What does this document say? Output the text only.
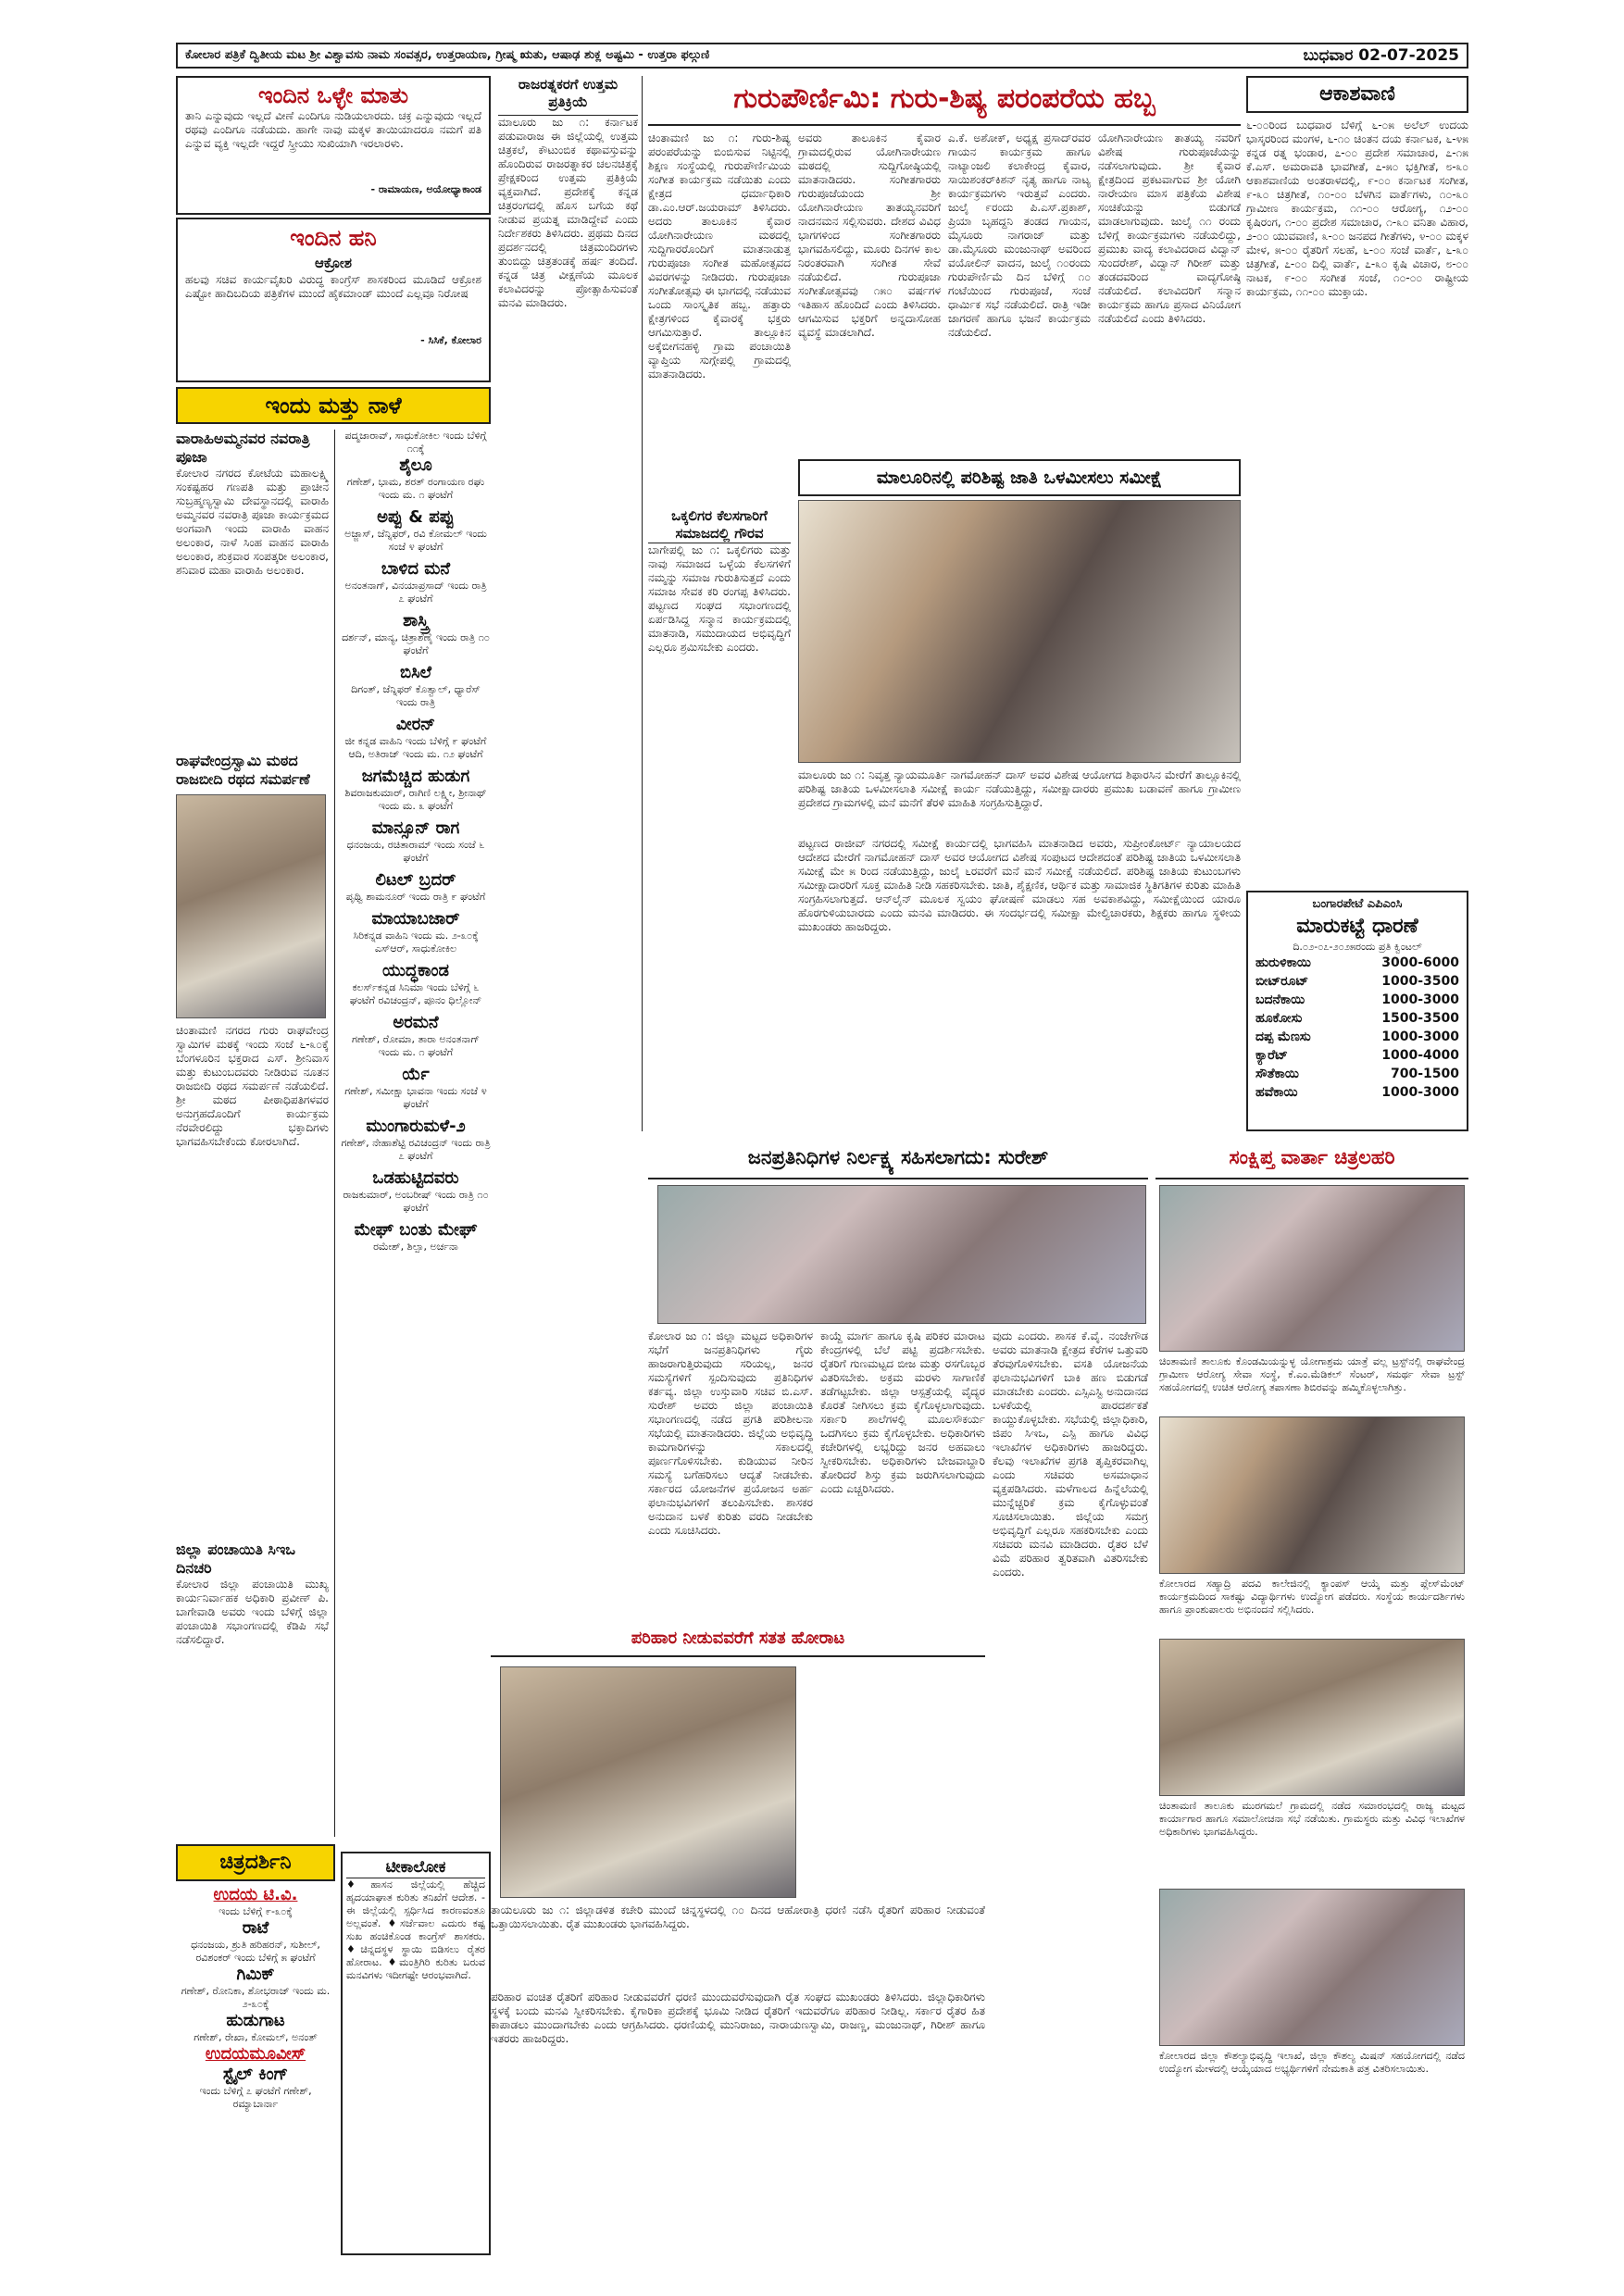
ಕೋಲಾರ ಪತ್ರಿಕೆ ದ್ವಿತೀಯ ಮಟ ಶ್ರೀ ವಿಶ್ವಾವಸು ನಾಮ ಸಂವತ್ಸರ, ಉತ್ತರಾಯಣ, ಗ್ರೀಷ್ಮ ಋತು, ಆಷಾಢ ಶುಕ್ಲ ಅಷ್ಟಮಿ - ಉತ್ತರಾ ಫಲ್ಗುಣಿ	ಬುಧವಾರ 02-07-2025
ಇಂದಿನ ಒಳ್ಳೇ ಮಾತು
ತಾನಿ ಎನ್ನುವುದು ಇಲ್ಲದೆ ವೀಣೆ ಎಂದಿಗೂ ನುಡಿಯಲಾರದು. ಚಕ್ರ ಎನ್ನುವುದು ಇಲ್ಲದೆ ರಥವು ಎಂದಿಗೂ ನಡೆಯದು. ಹಾಗೇ ನಾವು ಮಕ್ಕಳ ತಾಯಿಯಾದರೂ ನಮಗೆ ಪತಿ ಎನ್ನುವ ವ್ಯಕ್ತಿ ಇಲ್ಲದೇ ಇದ್ದರೆ ಸ್ತ್ರೀಯು ಸುಖಿಯಾಗಿ ಇರಲಾರಳು.
- ರಾಮಾಯಣ, ಅಯೋಧ್ಯಾಕಾಂಡ
ಇಂದಿನ ಹನಿ
ಆಕ್ರೋಶ
ಹಲವು ಸಚಿವ ಕಾರ್ಯವೈಖರಿ ವಿರುದ್ಧ ಕಾಂಗ್ರೆಸ್ ಶಾಸಕರಿಂದ ಮೂಡಿದೆ ಆಕ್ರೋಶ ಎಷ್ಟೋ ಹಾದಿಬದಿಯ ಪತ್ರಿಕೆಗಳ ಮುಂದೆ ಹೈಕಮಾಂಡ್ ಮುಂದೆ ಎಲ್ಲವೂ ನಿರೋಷ
- ಸಿಸಿಕೆ, ಕೋಲಾರ
ಇಂದು ಮತ್ತು ನಾಳೆ
ವಾರಾಹಿಅಮ್ಮನವರ ನವರಾತ್ರಿ ಪೂಜಾ
ಕೋಲಾರ ನಗರದ ಕೋಟೆಯ ಮಹಾಲಕ್ಷ್ಮಿ ಸಂಕಷ್ಟಹರ ಗಣಪತಿ ಮತ್ತು ಪ್ರಾಚೀನ ಸುಬ್ರಹ್ಮಣ್ಯಸ್ವಾಮಿ ದೇವಸ್ಥಾನದಲ್ಲಿ ವಾರಾಹಿ ಅಮ್ಮನವರ ನವರಾತ್ರಿ ಪೂಜಾ ಕಾರ್ಯಕ್ರಮದ ಅಂಗವಾಗಿ ಇಂದು ವಾರಾಹಿ ವಾಹನ ಅಲಂಕಾರ, ನಾಳೆ ಸಿಂಹ ವಾಹನ ವಾರಾಹಿ ಅಲಂಕಾರ, ಶುಕ್ರವಾರ ಸಂಪತ್ಕರೀ ಅಲಂಕಾರ, ಶನಿವಾರ ಮಹಾ ವಾರಾಹಿ ಅಲಂಕಾರ.
ರಾಘವೇಂದ್ರಸ್ವಾಮಿ ಮಠದ ರಾಜಬೀದಿ ರಥದ ಸಮರ್ಪಣೆ
ಚಿಂತಾಮಣಿ ನಗರದ ಗುರು ರಾಘವೇಂದ್ರ ಸ್ವಾಮಿಗಳ ಮಠಕ್ಕೆ ಇಂದು ಸಂಜೆ ೬-೩೦ಕ್ಕೆ ಬೆಂಗಳೂರಿನ ಭಕ್ತರಾದ ಎಸ್. ಶ್ರೀನಿವಾಸ ಮತ್ತು ಕುಟುಂಬದವರು ನೀಡಿರುವ ನೂತನ ರಾಜಬೀದಿ ರಥದ ಸಮರ್ಪಣೆ ನಡೆಯಲಿದೆ. ಶ್ರೀ ಮಠದ ಪೀಠಾಧಿಪತಿಗಳವರ ಅನುಗ್ರಹದೊಂದಿಗೆ ಕಾರ್ಯಕ್ರಮ ನೆರವೇರಲಿದ್ದು ಭಕ್ತಾದಿಗಳು ಭಾಗವಹಿಸಬೇಕೆಂದು ಕೋರಲಾಗಿದೆ.
ಜಿಲ್ಲಾ ಪಂಚಾಯಿತಿ ಸಿಇಒ ದಿನಚರಿ
ಕೋಲಾರ ಜಿಲ್ಲಾ ಪಂಚಾಯಿತಿ ಮುಖ್ಯ ಕಾರ್ಯನಿರ್ವಾಹಕ ಅಧಿಕಾರಿ ಪ್ರವೀಣ್ ಪಿ. ಬಾಗೇವಾಡಿ ಅವರು ಇಂದು ಬೆಳಿಗ್ಗೆ ಜಿಲ್ಲಾ ಪಂಚಾಯಿತಿ ಸಭಾಂಗಣದಲ್ಲಿ ಕೆಡಿಪಿ ಸಭೆ ನಡೆಸಲಿದ್ದಾರೆ.
ಪದ್ಮಜಾರಾವ್, ಸಾಧುಕೋಕಿಲ ಇಂದು ಬೆಳಿಗ್ಗೆ ೧೧ಕ್ಕೆ
ಶೈಲೂ
ಗಣೇಶ್, ಭಾಮ, ಶರತ್ ರಂಗಾಯಣ ರಘು ಇಂದು ಮ. ೧ ಘಂಟೆಗೆ
ಅಪ್ಪು & ಪಪ್ಪು
ಅಜ್ಜಾಸ್, ಜೆನ್ನಿಫರ್, ರವಿ ಕೋಮಲ್ ಇಂದು ಸಂಜೆ ೪ ಘಂಟೆಗೆ
ಬಾಳಿದ ಮನೆ
ಅನಂತನಾಗ್, ವಿನಯಾಪ್ರಸಾದ್ ಇಂದು ರಾತ್ರಿ ೭ ಘಂಟೆಗೆ
ಶಾಸ್ತ್ರಿ
ದರ್ಶನ್, ಮಾನ್ಯ, ಚಿತ್ರಾಶೆಣೈ ಇಂದು ರಾತ್ರಿ ೧೦ ಘಂಟೆಗೆ
ಬಿಸಿಲೆ
ದಿಗಂತ್, ಜೆನ್ನಿಫರ್ ಕೊತ್ವಾಲ್, ಧ್ಯಾರೆಸ್ ಇಂದು ರಾತ್ರಿ
ವೀರನ್
ಜೀ ಕನ್ನಡ ವಾಹಿನಿ ಇಂದು ಬೆಳಿಗ್ಗೆ ೯ ಘಂಟೆಗೆ ಆದಿ, ಅತಿರಾಜ್ ಇಂದು ಮ. ೧೨ ಘಂಟೆಗೆ
ಜಗಮೆಚ್ಚಿದ ಹುಡುಗ
ಶಿವರಾಜಕುಮಾರ್, ರಾಗಿಣಿ ಲಕ್ಷ್ಮೀ, ಶ್ರೀನಾಥ್ ಇಂದು ಮ. ೩ ಘಂಟೆಗೆ
ಮಾನ್ಸೂನ್ ರಾಗ
ಧನಂಜಯ, ರಚಿತಾರಾಮ್ ಇಂದು ಸಂಜೆ ೬ ಘಂಟೆಗೆ
ಲಿಟಲ್ ಬ್ರದರ್
ಪೃಥ್ವಿ ಶಾಮನೂರ್ ಇಂದು ರಾತ್ರಿ ೯ ಘಂಟೆಗೆ
ಮಾಯಾಬಜಾರ್
ಸಿರಿಕನ್ನಡ ವಾಹಿನಿ ಇಂದು ಮ. ೨-೩೦ಕ್ಕೆ ಎಸ್‌ಆರ್, ಸಾಧುಕೋಕಿಲ
ಯುದ್ಧಕಾಂಡ
ಕಲರ್ಸ್‌ಕನ್ನಡ ಸಿನಿಮಾ ಇಂದು ಬೆಳಿಗ್ಗೆ ೬ ಘಂಟೆಗೆ ರವಿಚಂದ್ರನ್, ಪೂನಂ ಧಿಲ್ಲೋನ್
ಅರಮನೆ
ಗಣೇಶ್, ರೋಮಾ, ತಾರಾ ಅನಂತನಾಗ್ ಇಂದು ಮ. ೧ ಘಂಟೆಗೆ
ರ್ಯೆ
ಗಣೇಶ್, ಸಮೀಕ್ಷಾ ಭಾವನಾ ಇಂದು ಸಂಜೆ ೪ ಘಂಟೆಗೆ
ಮುಂಗಾರುಮಳೆ-೨
ಗಣೇಶ್, ನೇಹಾಶೆಟ್ಟಿ ರವಿಚಂದ್ರನ್ ಇಂದು ರಾತ್ರಿ ೭ ಘಂಟೆಗೆ
ಒಡಹುಟ್ಟಿದವರು
ರಾಜಕುಮಾರ್, ಅಂಬರೀಷ್ ಇಂದು ರಾತ್ರಿ ೧೦ ಘಂಟೆಗೆ
ಮೇಘ್ ಬಂತು ಮೇಘ್
ರಮೇಶ್, ಶಿಲ್ಪಾ, ಅರ್ಚನಾ
ಚಿತ್ರದರ್ಶಿನಿ
ಉದಯ ಟಿ.ವಿ.
ಇಂದು ಬೆಳಿಗ್ಗೆ ೯-೩೦ಕ್ಕೆ
ರಾಟೆ
ಧನಂಜಯ, ಶ್ರುತಿ ಹರಿಹರನ್, ಸುಶೀಲ್, ರವಿಶಂಕರ್ ಇಂದು ಬೆಳಿಗ್ಗೆ ೫ ಘಂಟೆಗೆ
ಗಿಮಿಕ್
ಗಣೇಶ್, ರೋನಿಕಾ, ಶೋಭರಾಜ್ ಇಂದು ಮ. ೨-೩೦ಕ್ಕೆ
ಹುಡುಗಾಟ
ಗಣೇಶ್, ರೇಖಾ, ಕೋಮಲ್, ಅನಂತ್
ಉದಯಮೂವೀಸ್
ಸ್ಟೈಲ್ ಕಿಂಗ್
ಇಂದು ಬೆಳಿಗ್ಗೆ ೭ ಘಂಟೆಗೆ ಗಣೇಶ್, ರಮ್ಯಾಬಾರ್ನಾ
ಟೀಕಾಲೋಕ
♦ಹಾಸನ ಜಿಲ್ಲೆಯಲ್ಲಿ ಹೆಚ್ಚಿದ ಹೃದಯಾಘಾತ ಕುರಿತು ತನಿಖೆಗೆ ಆದೇಶ. - ಈ ಜಿಲ್ಲೆಯಲ್ಲಿ ಸ್ಪರ್ಧಿಸಿದ ಕಾರಣವಂತೂ ಅಲ್ಲವಂತೆ. ♦ಸರ್ಜೆವಾಲ ಎದುರು ಕಷ್ಟ ಸುಖ ಹಂಚಿಕೊಂಡ ಕಾಂಗ್ರೆಸ್ ಶಾಸಕರು. ♦ಚಿನ್ನದಸ್ಥಳ ಸ್ಥಾಯಿ ಬಿಡಿಸಲು ರೈತರ ಹೋರಾಟ. ♦ಮಂತ್ರಿಗಿರಿ ಕುರಿತು ಬರುವ ಮನವಿಗಳು ಇದೀಗಷ್ಟೇ ಆರಂಭವಾಗಿದೆ.
ಗುರುಪೌರ್ಣಿಮಿ: ಗುರು-ಶಿಷ್ಯ ಪರಂಪರೆಯ ಹಬ್ಬ
ರಾಜರತ್ನಕರಗೆ ಉತ್ತಮ ಪ್ರತಿಕ್ರಿಯೆ
ಮಾಲೂರು ಜು ೧: ಕರ್ನಾಟಕ ಪಡುವಾರಾಜ ಈ ಜಿಲ್ಲೆಯಲ್ಲಿ ಉತ್ತಮ ಚಿತ್ರಕಲೆ, ಕೌಟುಂಬಿಕ ಕಥಾವಸ್ತುವನ್ನು ಹೊಂದಿರುವ ರಾಜರತ್ನಾಕರ ಚಲನಚಿತ್ರಕ್ಕೆ ಪ್ರೇಕ್ಷಕರಿಂದ ಉತ್ತಮ ಪ್ರತಿಕ್ರಿಯೆ ವ್ಯಕ್ತವಾಗಿದೆ. ಪ್ರದೇಶಕ್ಕೆ ಕನ್ನಡ ಚಿತ್ರರಂಗದಲ್ಲಿ ಹೊಸ ಬಗೆಯ ಕಥೆ ನೀಡುವ ಪ್ರಯತ್ನ ಮಾಡಿದ್ದೇವೆ ಎಂದು ನಿರ್ದೇಶಕರು ತಿಳಿಸಿದರು. ಪ್ರಥಮ ದಿನದ ಪ್ರದರ್ಶನದಲ್ಲಿ ಚಿತ್ರಮಂದಿರಗಳು ತುಂಬಿದ್ದು ಚಿತ್ರತಂಡಕ್ಕೆ ಹರ್ಷ ತಂದಿದೆ. ಕನ್ನಡ ಚಿತ್ರ ವೀಕ್ಷಣೆಯ ಮೂಲಕ ಕಲಾವಿದರನ್ನು ಪ್ರೋತ್ಸಾಹಿಸುವಂತೆ ಮನವಿ ಮಾಡಿದರು.
ಚಿಂತಾಮಣಿ ಜು ೧: ಗುರು-ಶಿಷ್ಯ ಪರಂಪರೆಯನ್ನು ಬಿಂಬಿಸುವ ನಿಟ್ಟಿನಲ್ಲಿ ಶಿಕ್ಷಣ ಸಂಸ್ಥೆಯಲ್ಲಿ ಗುರುಪೌರ್ಣಿಮಿಯ ಸಂಗೀತ ಕಾರ್ಯಕ್ರಮ ನಡೆಯಿತು ಎಂದು ಕ್ಷೇತ್ರದ ಧರ್ಮಾಧಿಕಾರಿ ಡಾ.ಎಂ.ಆರ್.ಜಯರಾಮ್ ತಿಳಿಸಿದರು. ಅದರು ತಾಲೂಕಿನ ಕೈವಾರ ಯೋಗಿನಾರೇಯಣ ಮಠದಲ್ಲಿ ಸುದ್ದಿಗಾರರೊಂದಿಗೆ ಮಾತನಾಡುತ್ತ ಗುರುಪೂಜಾ ಸಂಗೀತ ಮಹೋತ್ಸವದ ವಿವರಗಳನ್ನು ನೀಡಿದರು. ಗುರುಪೂಜಾ ಸಂಗೀತೋತ್ಸವು ಈ ಭಾಗದಲ್ಲಿ ನಡೆಯುವ ಒಂದು ಸಾಂಸ್ಕೃತಿಕ ಹಬ್ಬ. ಹತ್ತಾರು ಕ್ಷೇತ್ರಗಳಿಂದ ಕೈವಾರಕ್ಕೆ ಭಕ್ತರು ಆಗಮಿಸುತ್ತಾರೆ. ತಾಲ್ಲೂಕಿನ ಅಕ್ಕೆಬೀಗನಹಳ್ಳಿ ಗ್ರಾಮ ಪಂಚಾಯಿತಿ ವ್ಯಾಪ್ತಿಯ ಸುಗ್ಗೇಪಲ್ಲಿ ಗ್ರಾಮದಲ್ಲಿ ಮಾತನಾಡಿದರು.
ಅವರು ತಾಲೂಕಿನ ಕೈವಾರ ಗ್ರಾಮದಲ್ಲಿರುವ ಯೋಗಿನಾರೇಯಣ ಮಠದಲ್ಲಿ ಸುದ್ದಿಗೋಷ್ಠಿಯಲ್ಲಿ ಮಾತನಾಡಿದರು. ಸಂಗೀತಗಾರರು ಗುರುಪೂಜೆಯಂದು ಶ್ರೀ ಯೋಗಿನಾರೇಯಣ ತಾತಯ್ಯನವರಿಗೆ ನಾದನಮನ ಸಲ್ಲಿಸುವರು. ದೇಶದ ವಿವಿಧ ಭಾಗಗಳಿಂದ ಸಂಗೀತಗಾರರು ಭಾಗವಹಿಸಲಿದ್ದು, ಮೂರು ದಿನಗಳ ಕಾಲ ನಿರಂತರವಾಗಿ ಸಂಗೀತ ಸೇವೆ ನಡೆಯಲಿದೆ. ಗುರುಪೂಜಾ ಸಂಗೀತೋತ್ಸವವು ೧೫೦ ವರ್ಷಗಳ ಇತಿಹಾಸ ಹೊಂದಿದೆ ಎಂದು ತಿಳಿಸಿದರು. ಆಗಮಿಸುವ ಭಕ್ತರಿಗೆ ಅನ್ನದಾಸೋಹ ವ್ಯವಸ್ಥೆ ಮಾಡಲಾಗಿದೆ.
ಎ.ಕೆ. ಅಶೋಕ್, ಅಧ್ಯಕ್ಷ ಪ್ರಸಾದ್‌ರವರ ಗಾಯನ ಕಾರ್ಯಕ್ರಮ ಹಾಗೂ ನಾಟ್ಯಾಂಜಲಿ ಕಲಾಕೇಂದ್ರ ಕೈವಾರ, ಸಾಯಿಶಂಕರ್‌ಕಿಶನ್ ನೃತ್ಯ ಹಾಗೂ ನಾಟ್ಯ ಕಾರ್ಯಕ್ರಮಗಳು ಇರುತ್ತವೆ ಎಂದರು. ಜುಲೈ ೯ರಂದು ಪಿ.ಎಸ್.ಪ್ರಕಾಶ್, ಪ್ರಿಯಾ ಬೃಹದ್ದನಿ ತಂಡದ ಗಾಯನ, ಮೈಸೂರು ನಾಗರಾಜ್ ಮತ್ತು ಡಾ.ಮೈಸೂರು ಮಂಜುನಾಥ್ ಅವರಿಂದ ವಯೋಲಿನ್ ವಾದನ, ಜುಲೈ ೧೦ರಂದು ಗುರುಪೌರ್ಣಿಮೆ ದಿನ ಬೆಳಿಗ್ಗೆ ೧೦ ಗಂಟೆಯಿಂದ ಗುರುಪೂಜೆ, ಸಂಜೆ ಧಾರ್ಮಿಕ ಸಭೆ ನಡೆಯಲಿದೆ. ರಾತ್ರಿ ಇಡೀ ಜಾಗರಣೆ ಹಾಗೂ ಭಜನೆ ಕಾರ್ಯಕ್ರಮ ನಡೆಯಲಿದೆ.
ಯೋಗಿನಾರೇಯಣ ತಾತಯ್ಯ ನವರಿಗೆ ವಿಶೇಷ ಗುರುಪೂಜೆಯನ್ನು ನಡೆಸಲಾಗುವುದು. ಶ್ರೀ ಕೈವಾರ ಕ್ಷೇತ್ರದಿಂದ ಪ್ರಕಟವಾಗುವ ಶ್ರೀ ಯೋಗಿ ನಾರೇಯಣ ಮಾಸ ಪತ್ರಿಕೆಯ ವಿಶೇಷ ಸಂಚಿಕೆಯನ್ನು ಬಿಡುಗಡೆ ಮಾಡಲಾಗುವುದು. ಜುಲೈ ೧೧ ರಂದು ಬೆಳಿಗ್ಗೆ ಕಾರ್ಯಕ್ರಮಗಳು ನಡೆಯಲಿದ್ದು, ಪ್ರಮುಖ ವಾದ್ಯ ಕಲಾವಿದರಾದ ವಿದ್ವಾನ್ ಸುಂದರೇಶ್, ವಿದ್ವಾನ್ ಗಿರೀಶ್ ಮತ್ತು ತಂಡದವರಿಂದ ವಾದ್ಯಗೋಷ್ಠಿ ನಡೆಯಲಿದೆ. ಕಲಾವಿದರಿಗೆ ಸನ್ಮಾನ ಕಾರ್ಯಕ್ರಮ ಹಾಗೂ ಪ್ರಸಾದ ವಿನಿಯೋಗ ನಡೆಯಲಿದೆ ಎಂದು ತಿಳಿಸಿದರು.
ಒಕ್ಕಲಿಗರ ಕೆಲಸಗಾರಿಗೆ ಸಮಾಜದಲ್ಲಿ ಗೌರವ
ಬಾಗೇಪಲ್ಲಿ ಜು ೧: ಒಕ್ಕಲಿಗರು ಮತ್ತು ನಾವು ಸಮಾಜದ ಒಳ್ಳೆಯ ಕೆಲಸಗಳಿಗೆ ನಮ್ಮನ್ನು ಸಮಾಜ ಗುರುತಿಸುತ್ತದೆ ಎಂದು ಸಮಾಜ ಸೇವಕ ಕರಿ ರಂಗಪ್ಪ ತಿಳಿಸಿದರು. ಪಟ್ಟಣದ ಸಂಘದ ಸಭಾಂಗಣದಲ್ಲಿ ಏರ್ಪಡಿಸಿದ್ದ ಸನ್ಮಾನ ಕಾರ್ಯಕ್ರಮದಲ್ಲಿ ಮಾತನಾಡಿ, ಸಮುದಾಯದ ಅಭಿವೃದ್ಧಿಗೆ ಎಲ್ಲರೂ ಶ್ರಮಿಸಬೇಕು ಎಂದರು.
ಮಾಲೂರಿನಲ್ಲಿ ಪರಿಶಿಷ್ಟ ಜಾತಿ ಒಳಮೀಸಲು ಸಮೀಕ್ಷೆ
ಮಾಲೂರು ಜು ೧: ನಿವೃತ್ತ ನ್ಯಾಯಮೂರ್ತಿ ನಾಗಮೋಹನ್ ದಾಸ್ ಅವರ ವಿಶೇಷ ಆಯೋಗದ ಶಿಫಾರಸಿನ ಮೇರೆಗೆ ತಾಲ್ಲೂಕಿನಲ್ಲಿ ಪರಿಶಿಷ್ಟ ಜಾತಿಯ ಒಳಮೀಸಲಾತಿ ಸಮೀಕ್ಷೆ ಕಾರ್ಯ ನಡೆಯುತ್ತಿದ್ದು, ಸಮೀಕ್ಷಾದಾರರು ಪ್ರಮುಖ ಬಡಾವಣೆ ಹಾಗೂ ಗ್ರಾಮೀಣ ಪ್ರದೇಶದ ಗ್ರಾಮಗಳಲ್ಲಿ ಮನೆ ಮನೆಗೆ ತೆರಳಿ ಮಾಹಿತಿ ಸಂಗ್ರಹಿಸುತ್ತಿದ್ದಾರೆ.
ಪಟ್ಟಣದ ರಾಜೀವ್ ನಗರದಲ್ಲಿ ಸಮೀಕ್ಷೆ ಕಾರ್ಯದಲ್ಲಿ ಭಾಗವಹಿಸಿ ಮಾತನಾಡಿದ ಅವರು, ಸುಪ್ರೀಂಕೋರ್ಟ್ ನ್ಯಾಯಾಲಯದ ಆದೇಶದ ಮೇರೆಗೆ ನಾಗಮೋಹನ್ ದಾಸ್ ಅವರ ಆಯೋಗದ ವಿಶೇಷ ಸಂಪುಟದ ಆದೇಶದಂತೆ ಪರಿಶಿಷ್ಟ ಜಾತಿಯ ಒಳಮೀಸಲಾತಿ ಸಮೀಕ್ಷೆ ಮೇ ೫ ರಿಂದ ನಡೆಯುತ್ತಿದ್ದು, ಜುಲೈ ೬ರವರೆಗೆ ಮನೆ ಮನೆ ಸಮೀಕ್ಷೆ ನಡೆಯಲಿದೆ. ಪರಿಶಿಷ್ಟ ಜಾತಿಯ ಕುಟುಂಬಗಳು ಸಮೀಕ್ಷಾದಾರರಿಗೆ ಸೂಕ್ತ ಮಾಹಿತಿ ನೀಡಿ ಸಹಕರಿಸಬೇಕು. ಜಾತಿ, ಶೈಕ್ಷಣಿಕ, ಆರ್ಥಿಕ ಮತ್ತು ಸಾಮಾಜಿಕ ಸ್ಥಿತಿಗತಿಗಳ ಕುರಿತು ಮಾಹಿತಿ ಸಂಗ್ರಹಿಸಲಾಗುತ್ತದೆ. ಆನ್‌ಲೈನ್ ಮೂಲಕ ಸ್ವಯಂ ಘೋಷಣೆ ಮಾಡಲು ಸಹ ಅವಕಾಶವಿದ್ದು, ಸಮೀಕ್ಷೆಯಿಂದ ಯಾರೂ ಹೊರಗುಳಿಯಬಾರದು ಎಂದು ಮನವಿ ಮಾಡಿದರು. ಈ ಸಂದರ್ಭದಲ್ಲಿ ಸಮೀಕ್ಷಾ ಮೇಲ್ವಿಚಾರಕರು, ಶಿಕ್ಷಕರು ಹಾಗೂ ಸ್ಥಳೀಯ ಮುಖಂಡರು ಹಾಜರಿದ್ದರು.
ಜನಪ್ರತಿನಿಧಿಗಳ ನಿರ್ಲಕ್ಷ್ಯ ಸಹಿಸಲಾಗದು: ಸುರೇಶ್
ಕೋಲಾರ ಜು ೧: ಜಿಲ್ಲಾ ಮಟ್ಟದ ಅಧಿಕಾರಿಗಳ ಸಭೆಗೆ ಜನಪ್ರತಿನಿಧಿಗಳು ಗೈರು ಹಾಜರಾಗುತ್ತಿರುವುದು ಸರಿಯಲ್ಲ, ಜನರ ಸಮಸ್ಯೆಗಳಿಗೆ ಸ್ಪಂದಿಸುವುದು ಪ್ರತಿನಿಧಿಗಳ ಕರ್ತವ್ಯ. ಜಿಲ್ಲಾ ಉಸ್ತುವಾರಿ ಸಚಿವ ಬಿ.ಎಸ್. ಸುರೇಶ್ ಅವರು ಜಿಲ್ಲಾ ಪಂಚಾಯಿತಿ ಸಭಾಂಗಣದಲ್ಲಿ ನಡೆದ ಪ್ರಗತಿ ಪರಿಶೀಲನಾ ಸಭೆಯಲ್ಲಿ ಮಾತನಾಡಿದರು. ಜಿಲ್ಲೆಯ ಅಭಿವೃದ್ಧಿ ಕಾಮಗಾರಿಗಳನ್ನು ಸಕಾಲದಲ್ಲಿ ಪೂರ್ಣಗೊಳಿಸಬೇಕು. ಕುಡಿಯುವ ನೀರಿನ ಸಮಸ್ಯೆ ಬಗೆಹರಿಸಲು ಆದ್ಯತೆ ನೀಡಬೇಕು. ಸರ್ಕಾರದ ಯೋಜನೆಗಳ ಪ್ರಯೋಜನ ಅರ್ಹ ಫಲಾನುಭವಿಗಳಿಗೆ ತಲುಪಿಸಬೇಕು. ಶಾಸಕರ ಅನುದಾನ ಬಳಕೆ ಕುರಿತು ವರದಿ ನೀಡಬೇಕು ಎಂದು ಸೂಚಿಸಿದರು.
ಕಾಯ್ದೆ ಮಾರ್ಗ ಹಾಗೂ ಕೃಷಿ ಪರಿಕರ ಮಾರಾಟ ಕೇಂದ್ರಗಳಲ್ಲಿ ಬೆಲೆ ಪಟ್ಟಿ ಪ್ರದರ್ಶಿಸಬೇಕು. ರೈತರಿಗೆ ಗುಣಮಟ್ಟದ ಬೀಜ ಮತ್ತು ರಸಗೊಬ್ಬರ ವಿತರಿಸಬೇಕು. ಅಕ್ರಮ ಮರಳು ಸಾಗಾಣಿಕೆ ತಡೆಗಟ್ಟಬೇಕು. ಜಿಲ್ಲಾ ಆಸ್ಪತ್ರೆಯಲ್ಲಿ ವೈದ್ಯರ ಕೊರತೆ ನೀಗಿಸಲು ಕ್ರಮ ಕೈಗೊಳ್ಳಲಾಗುವುದು. ಸರ್ಕಾರಿ ಶಾಲೆಗಳಲ್ಲಿ ಮೂಲಸೌಕರ್ಯ ಒದಗಿಸಲು ಕ್ರಮ ಕೈಗೊಳ್ಳಬೇಕು. ಅಧಿಕಾರಿಗಳು ಕಚೇರಿಗಳಲ್ಲಿ ಲಭ್ಯರಿದ್ದು ಜನರ ಅಹವಾಲು ಸ್ವೀಕರಿಸಬೇಕು. ಅಧಿಕಾರಿಗಳು ಬೇಜವಾಬ್ದಾರಿ ತೋರಿದರೆ ಶಿಸ್ತು ಕ್ರಮ ಜರುಗಿಸಲಾಗುವುದು ಎಂದು ಎಚ್ಚರಿಸಿದರು.
ವುದು ಎಂದರು. ಶಾಸಕ ಕೆ.ವೈ. ನಂಜೇಗೌಡ ಅವರು ಮಾತನಾಡಿ ಕ್ಷೇತ್ರದ ಕೆರೆಗಳ ಒತ್ತುವರಿ ತೆರವುಗೊಳಿಸಬೇಕು. ವಸತಿ ಯೋಜನೆಯ ಫಲಾನುಭವಿಗಳಿಗೆ ಬಾಕಿ ಹಣ ಬಿಡುಗಡೆ ಮಾಡಬೇಕು ಎಂದರು. ಎಸ್ಸಿಎಸ್ಟಿ ಅನುದಾನದ ಬಳಕೆಯಲ್ಲಿ ಪಾರದರ್ಶಕತೆ ಕಾಯ್ದುಕೊಳ್ಳಬೇಕು. ಸಭೆಯಲ್ಲಿ ಜಿಲ್ಲಾಧಿಕಾರಿ, ಜಿಪಂ ಸಿಇಒ, ಎಸ್ಪಿ ಹಾಗೂ ವಿವಿಧ ಇಲಾಖೆಗಳ ಅಧಿಕಾರಿಗಳು ಹಾಜರಿದ್ದರು. ಕೆಲವು ಇಲಾಖೆಗಳ ಪ್ರಗತಿ ತೃಪ್ತಿಕರವಾಗಿಲ್ಲ ಎಂದು ಸಚಿವರು ಅಸಮಾಧಾನ ವ್ಯಕ್ತಪಡಿಸಿದರು. ಮಳೆಗಾಲದ ಹಿನ್ನೆಲೆಯಲ್ಲಿ ಮುನ್ನೆಚ್ಚರಿಕೆ ಕ್ರಮ ಕೈಗೊಳ್ಳುವಂತೆ ಸೂಚಿಸಲಾಯಿತು. ಜಿಲ್ಲೆಯ ಸಮಗ್ರ ಅಭಿವೃದ್ಧಿಗೆ ಎಲ್ಲರೂ ಸಹಕರಿಸಬೇಕು ಎಂದು ಸಚಿವರು ಮನವಿ ಮಾಡಿದರು. ರೈತರ ಬೆಳೆ ವಿಮೆ ಪರಿಹಾರ ತ್ವರಿತವಾಗಿ ವಿತರಿಸಬೇಕು ಎಂದರು.
ಪರಿಹಾರ ನೀಡುವವರೆಗೆ ಸತತ ಹೋರಾಟ
ತಾಯಲೂರು ಜು ೧: ಜಿಲ್ಲಾಡಳಿತ ಕಚೇರಿ ಮುಂದೆ ಚಿನ್ನಸ್ಥಳದಲ್ಲಿ ೧೦ ದಿನದ ಆಹೋರಾತ್ರಿ ಧರಣಿ ನಡೆಸಿ ರೈತರಿಗೆ ಪರಿಹಾರ ನೀಡುವಂತೆ ಒತ್ತಾಯಿಸಲಾಯಿತು. ರೈತ ಮುಖಂಡರು ಭಾಗವಹಿಸಿದ್ದರು.
ಪರಿಹಾರ ವಂಚಿತ ರೈತರಿಗೆ ಪರಿಹಾರ ನೀಡುವವರೆಗೆ ಧರಣಿ ಮುಂದುವರೆಸುವುದಾಗಿ ರೈತ ಸಂಘದ ಮುಖಂಡರು ತಿಳಿಸಿದರು. ಜಿಲ್ಲಾಧಿಕಾರಿಗಳು ಸ್ಥಳಕ್ಕೆ ಬಂದು ಮನವಿ ಸ್ವೀಕರಿಸಬೇಕು. ಕೈಗಾರಿಕಾ ಪ್ರದೇಶಕ್ಕೆ ಭೂಮಿ ನೀಡಿದ ರೈತರಿಗೆ ಇದುವರೆಗೂ ಪರಿಹಾರ ನೀಡಿಲ್ಲ. ಸರ್ಕಾರ ರೈತರ ಹಿತ ಕಾಪಾಡಲು ಮುಂದಾಗಬೇಕು ಎಂದು ಆಗ್ರಹಿಸಿದರು. ಧರಣಿಯಲ್ಲಿ ಮುನಿರಾಜು, ನಾರಾಯಣಸ್ವಾಮಿ, ರಾಜಣ್ಣ, ಮಂಜುನಾಥ್, ಗಿರೀಶ್ ಹಾಗೂ ಇತರರು ಹಾಜರಿದ್ದರು.
ಆಕಾಶವಾಣಿ
೬-೦೦ರಿಂದ ಬುಧವಾರ ಬೆಳಿಗ್ಗೆ ೬-೦೫ ಅಲೆಲ್ ಉದಯ ಭಾಸ್ಕರರಿಂದ ಮಂಗಳ, ೬-೧೦ ಚಿಂತನ ದಯ ಕರ್ನಾಟಕ, ೬-೪೫ ಕನ್ನಡ ರತ್ನ ಭಂಡಾರ, ೭-೦೦ ಪ್ರದೇಶ ಸಮಾಚಾರ, ೭-೧೫ ಕೆ.ಎಸ್. ಅಮರಾವತಿ ಭಾವಗೀತೆ, ೭-೫೦ ಭಕ್ತಿಗೀತೆ, ೮-೩೦ ಆಕಾಶವಾಣಿಯ ಅಂತರಾಳದಲ್ಲಿ, ೯-೦೦ ಕರ್ನಾಟಕ ಸಂಗೀತ, ೯-೩೦ ಚಿತ್ರಗೀತೆ, ೧೦-೦೦ ಬೆಳಗಿನ ವಾರ್ತೆಗಳು, ೧೦-೩೦ ಗ್ರಾಮೀಣ ಕಾರ್ಯಕ್ರಮ, ೧೧-೦೦ ಆರೋಗ್ಯ, ೧೨-೦೦ ಕೃಷಿರಂಗ, ೧-೦೦ ಪ್ರದೇಶ ಸಮಾಚಾರ, ೧-೩೦ ವನಿತಾ ವಿಹಾರ, ೨-೦೦ ಯುವವಾಣಿ, ೩-೦೦ ಜನಪದ ಗೀತೆಗಳು, ೪-೦೦ ಮಕ್ಕಳ ಮೇಳ, ೫-೦೦ ರೈತರಿಗೆ ಸಲಹೆ, ೬-೦೦ ಸಂಜೆ ವಾರ್ತೆ, ೬-೩೦ ಚಿತ್ರಗೀತೆ, ೭-೦೦ ದಿಲ್ಲಿ ವಾರ್ತೆ, ೭-೩೦ ಕೃಷಿ ವಿಚಾರ, ೮-೦೦ ನಾಟಕ, ೯-೦೦ ಸಂಗೀತ ಸಂಜೆ, ೧೦-೦೦ ರಾಷ್ಟ್ರೀಯ ಕಾರ್ಯಕ್ರಮ, ೧೧-೦೦ ಮುಕ್ತಾಯ.
ಬಂಗಾರಪೇಟೆ ಎಪಿಎಂಸಿ
ಮಾರುಕಟ್ಟೆ ಧಾರಣೆ
ದಿ.೦೨-೦೭-೨೦೨೫ರಂದು ಪ್ರತಿ ಕ್ವಿಂಟಲ್
ಹುರುಳಿಕಾಯಿ	3000-6000
ಬೀಟ್‌ರೂಟ್	1000-3500
ಬದನೆಕಾಯಿ	1000-3000
ಹೂಕೋಸು	1500-3500
ದಪ್ಪ ಮೆಣಸು	1000-3000
ಕ್ಯಾರೆಟ್	1000-4000
ಸೌತೆಕಾಯಿ	700-1500
ಹವೆಕಾಯಿ	1000-3000
ಸಂಕ್ಷಿಪ್ತ ವಾರ್ತಾ ಚಿತ್ರಲಹರಿ
ಚಿಂತಾಮಣಿ ತಾಲೂಕು ಕೊಂಡಮಿಯನ್ನುಳ್ಳ ಯೋಗಾಶ್ರಮ ಯಾತ್ರೆ ವಲ್ಲ ಟ್ರಸ್ಟ್‌ನಲ್ಲಿ ರಾಘವೇಂದ್ರ ಗ್ರಾಮೀಣ ಆರೋಗ್ಯ ಸೇವಾ ಸಂಸ್ಥೆ, ಕೆ.ಎಂ.ಮೆಡಿಕಲ್ ಸೆಂಟರ್, ಸಮರ್ಥ ಸೇವಾ ಟ್ರಸ್ಟ್ ಸಹಯೋಗದಲ್ಲಿ ಉಚಿತ ಆರೋಗ್ಯ ತಪಾಸಣಾ ಶಿಬಿರವನ್ನು ಹಮ್ಮಿಕೊಳ್ಳಲಾಗಿತ್ತು.
ಕೋಲಾರದ ಸಹ್ಯಾದ್ರಿ ಪದವಿ ಕಾಲೇಜಿನಲ್ಲಿ ಕ್ಯಾಂಪಸ್ ಆಯ್ಕೆ ಮತ್ತು ಪ್ಲೇಸ್‌ಮೆಂಟ್ ಕಾರ್ಯಕ್ರಮದಿಂದ ಸಾಕಷ್ಟು ವಿದ್ಯಾರ್ಥಿಗಳು ಉದ್ಯೋಗ ಪಡೆದರು. ಸಂಸ್ಥೆಯ ಕಾರ್ಯದರ್ಶಿಗಳು ಹಾಗೂ ಪ್ರಾಂಶುಪಾಲರು ಅಭಿನಂದನೆ ಸಲ್ಲಿಸಿದರು.
ಚಿಂತಾಮಣಿ ತಾಲೂಕು ಮುರಗಮಲೆ ಗ್ರಾಮದಲ್ಲಿ ನಡೆದ ಸಮಾರಂಭದಲ್ಲಿ ರಾಜ್ಯ ಮಟ್ಟದ ಕಾರ್ಯಾಗಾರ ಹಾಗೂ ಸಮಾಲೋಚನಾ ಸಭೆ ನಡೆಯಿತು. ಗ್ರಾಮಸ್ಥರು ಮತ್ತು ವಿವಿಧ ಇಲಾಖೆಗಳ ಅಧಿಕಾರಿಗಳು ಭಾಗವಹಿಸಿದ್ದರು.
ಕೋಲಾರದ ಜಿಲ್ಲಾ ಕೌಶಲ್ಯಾಭಿವೃದ್ಧಿ ಇಲಾಖೆ, ಜಿಲ್ಲಾ ಕೌಶಲ್ಯ ಮಿಷನ್ ಸಹಯೋಗದಲ್ಲಿ ನಡೆದ ಉದ್ಯೋಗ ಮೇಳದಲ್ಲಿ ಆಯ್ಕೆಯಾದ ಅಭ್ಯರ್ಥಿಗಳಿಗೆ ನೇಮಕಾತಿ ಪತ್ರ ವಿತರಿಸಲಾಯಿತು.
